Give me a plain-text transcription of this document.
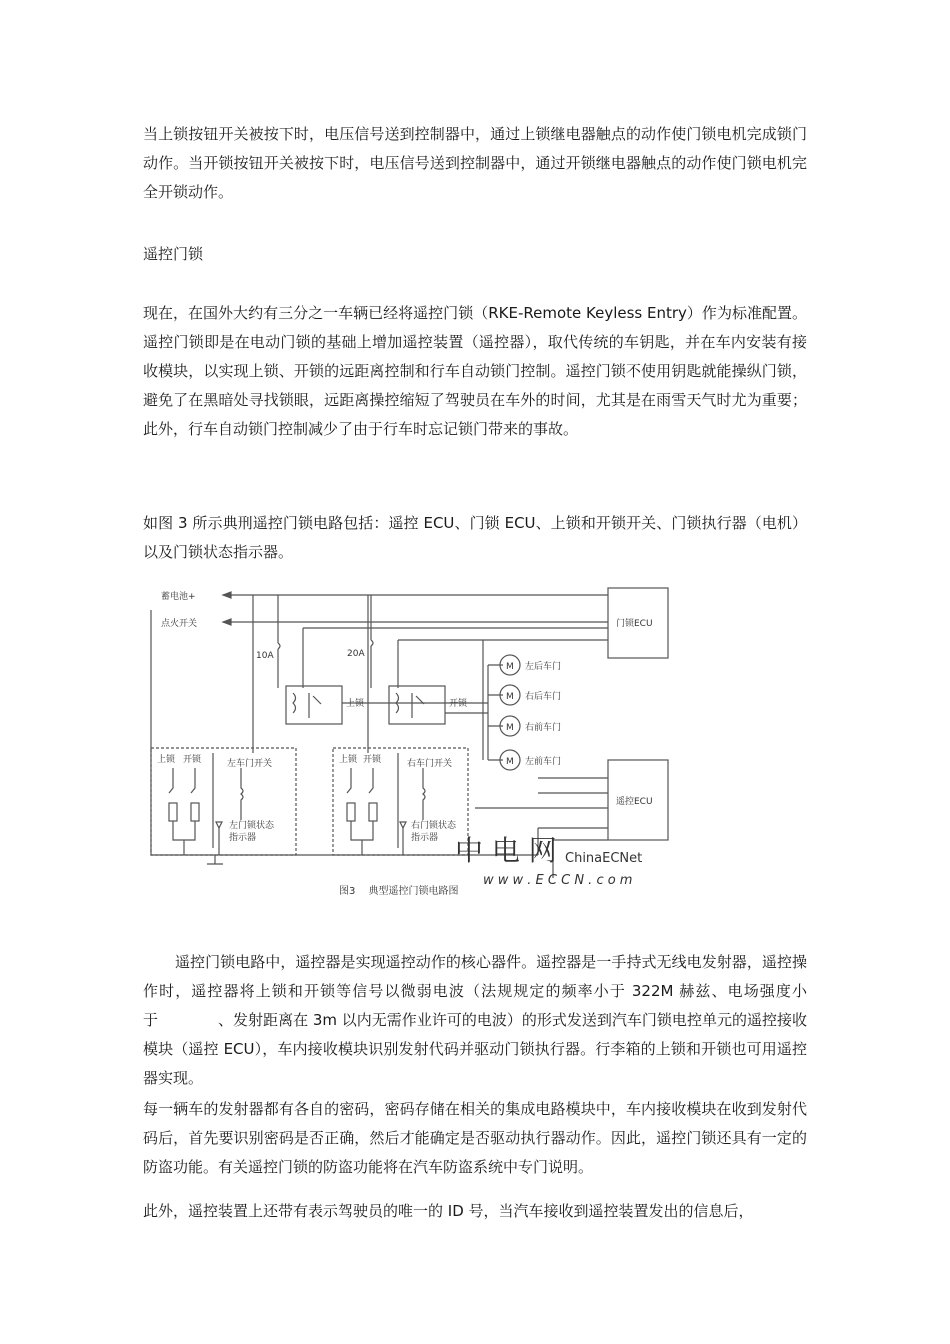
当上锁按钮开关被按下时，电压信号送到控制器中，通过上锁继电器触点的动作使门锁电机完成锁门动作。当开锁按钮开关被按下时，电压信号送到控制器中，通过开锁继电器触点的动作使门锁电机完全开锁动作。

遥控门锁

现在，在国外大约有三分之一车辆已经将遥控门锁（RKE-Remote Keyless Entry）作为标准配置。遥控门锁即是在电动门锁的基础上增加遥控装置（遥控器），取代传统的车钥匙，并在车内安装有接收模块，以实现上锁、开锁的远距离控制和行车自动锁门控制。遥控门锁不使用钥匙就能操纵门锁，避免了在黑暗处寻找锁眼，远距离操控缩短了驾驶员在车外的时间，尤其是在雨雪天气时尤为重要；此外，行车自动锁门控制减少了由于行车时忘记锁门带来的事故。

如图 3 所示典刑遥控门锁电路包括：遥控 ECU、门锁 ECU、上锁和开锁开关、门锁执行器（电机）以及门锁状态指示器。

蓄电池+
点火开关
10A	20A
上锁	开锁
M
M
M
M
左后车门
右后车门
右前车门
左前车门
门锁ECU
遥控ECU
上锁 开锁	左车门开关
左门锁状态
指示器
上锁 开锁	右车门开关
右门锁状态
指示器 中 电 网 ChinaECNet
w w w . E C C N . c o m
图3　 典型遥控门锁电路图

遥控门锁电路中，遥控器是实现遥控动作的核心器件。遥控器是一手持式无线电发射器，遥控操作时，遥控器将上锁和开锁等信号以微弱电波（法规规定的频率小于 322M 赫兹、电场强度小于　　　　、发射距离在 3m 以内无需作业许可的电波）的形式发送到汽车门锁电控单元的遥控接收模块（遥控 ECU），车内接收模块识别发射代码并驱动门锁执行器。行李箱的上锁和开锁也可用遥控器实现。

每一辆车的发射器都有各自的密码，密码存储在相关的集成电路模块中，车内接收模块在收到发射代码后，首先要识别密码是否正确，然后才能确定是否驱动执行器动作。因此，遥控门锁还具有一定的防盗功能。有关遥控门锁的防盗功能将在汽车防盗系统中专门说明。

此外，遥控装置上还带有表示驾驶员的唯一的 ID 号，当汽车接收到遥控装置发出的信息后，
